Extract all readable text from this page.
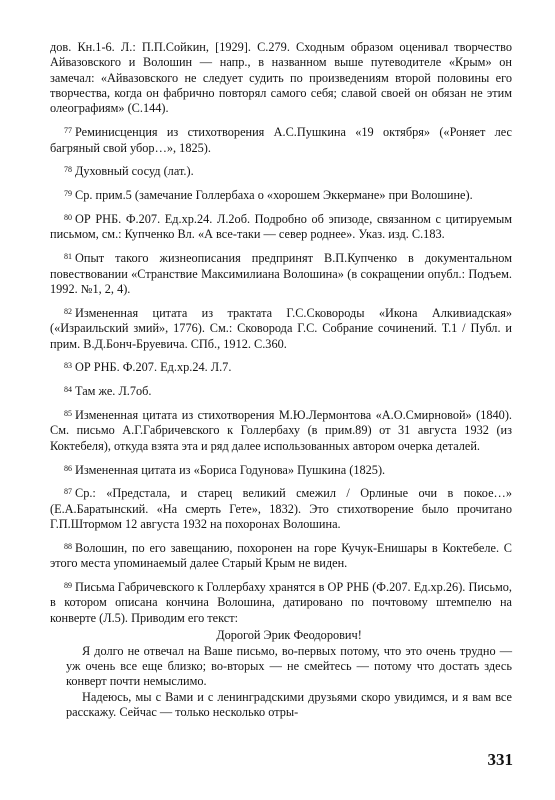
дов. Кн.1-6. Л.: П.П.Сойкин, [1929]. С.279. Сходным образом оценивал творчество Айвазовского и Волошин — напр., в названном выше путеводителе «Крым» он замечал: «Айвазовского не следует судить по произведениям второй половины его творчества, когда он фабрично повторял самого себя; славой своей он обязан не этим олеографиям» (С.144).

$^{77}$ Реминисценция из стихотворения А.С.Пушкина «19 октября» («Роняет лес багряный свой убор…», 1825).

$^{78}$ Духовный сосуд (лат.).

$^{79}$ Ср. прим.5 (замечание Голлербаха о «хорошем Эккермане» при Волошине).

$^{80}$ ОР РНБ. Ф.207. Ед.хр.24. Л.2об. Подробно об эпизоде, связанном с цитируемым письмом, см.: Купченко Вл. «А все-таки — север роднее». Указ. изд. С.183.

$^{81}$ Опыт такого жизнеописания предпринят В.П.Купченко в документальном повествовании «Странствие Максимилиана Волошина» (в сокращении опубл.: Подъем. 1992. №1, 2, 4).

$^{82}$ Измененная цитата из трактата Г.С.Сковороды «Икона Алкивиадская» («Израильский змий», 1776). См.: Сковорода Г.С. Собрание сочинений. Т.1 / Публ. и прим. В.Д.Бонч-Бруевича. СПб., 1912. С.360.

$^{83}$ ОР РНБ. Ф.207. Ед.хр.24. Л.7.

$^{84}$ Там же. Л.7об.

$^{85}$ Измененная цитата из стихотворения М.Ю.Лермонтова «А.О.Смирновой» (1840). См. письмо А.Г.Габричевского к Голлербаху (в прим.89) от 31 августа 1932 (из Коктебеля), откуда взята эта и ряд далее использованных автором очерка деталей.

$^{86}$ Измененная цитата из «Бориса Годунова» Пушкина (1825).

$^{87}$ Ср.: «Предстала, и старец великий смежил / Орлиные очи в покое…» (Е.А.Баратынский. «На смерть Гете», 1832). Это стихотворение было прочитано Г.П.Штормом 12 августа 1932 на похоронах Волошина.

$^{88}$ Волошин, по его завещанию, похоронен на горе Кучук-Енишары в Коктебеле. С этого места упоминаемый далее Старый Крым не виден.

$^{89}$ Письма Габричевского к Голлербаху хранятся в ОР РНБ (Ф.207. Ед.хр.26). Письмо, в котором описана кончина Волошина, датировано по почтовому штемпелю на конверте (Л.5). Приводим его текст:

Дорогой Эрик Феодорович!

Я долго не отвечал на Ваше письмо, во-первых потому, что это очень трудно — уж очень все еще близко; во-вторых — не смейтесь — потому что достать здесь конверт почти немыслимо.

Надеюсь, мы с Вами и с ленинградскими друзьями скоро увидимся, и я вам все расскажу. Сейчас — только несколько отры-

331
